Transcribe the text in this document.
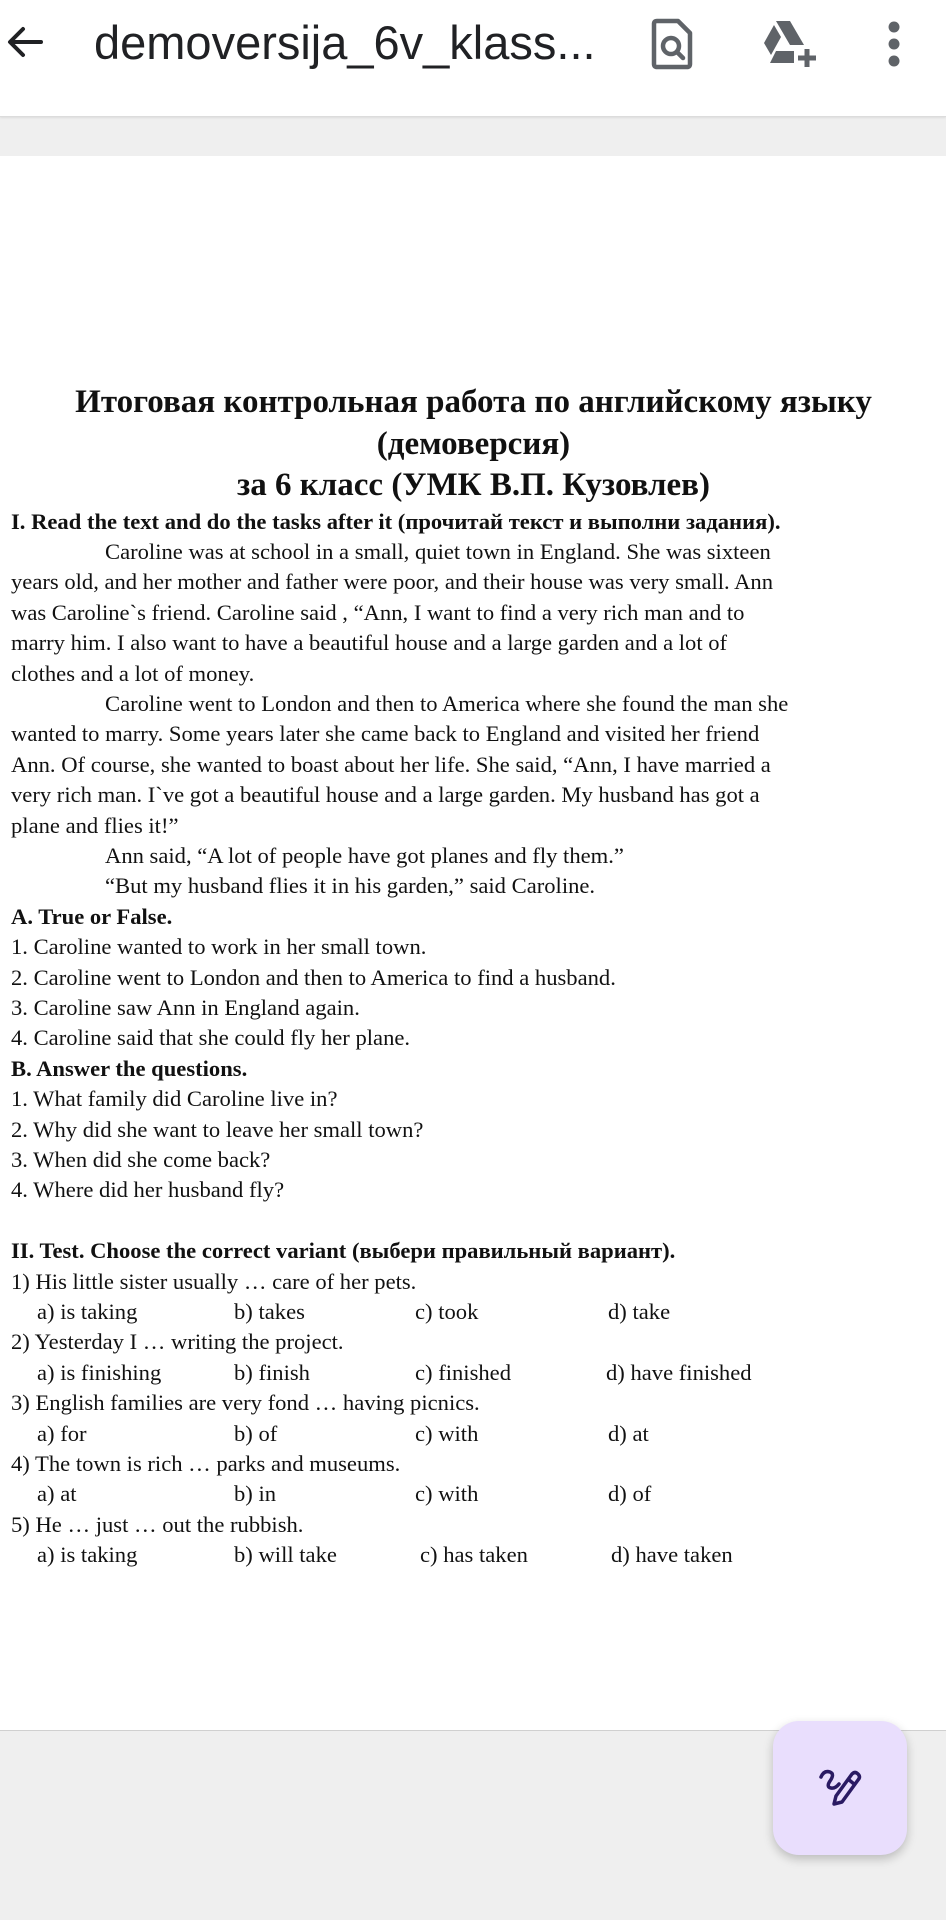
demoversija_6v_klass...

Итоговая контрольная работа по английскому языку

(демоверсия)

за 6 класс (УМК В.П. Кузовлев)

I. Read the text and do the tasks after it (прочитай текст и выполни задания).

Caroline was at school in a small, quiet town in England. She was sixteen

years old, and her mother and father were poor, and their house was very small. Ann

was Caroline`s friend. Caroline said , “Ann, I want to find a very rich man and to

marry him. I also want to have a beautiful house and a large garden and a lot of

clothes and a lot of money.

Caroline went to London and then to America where she found the man she

wanted to marry. Some years later she came back to England and visited her friend

Ann. Of course, she wanted to boast about her life. She said, “Ann, I have married a

very rich man. I`ve got a beautiful house and a large garden. My husband has got a

plane and flies it!”

Ann said, “A lot of people have got planes and fly them.”

“But my husband flies it in his garden,” said Caroline.

A. True or False.

1. Caroline wanted to work in her small town.

2. Caroline went to London and then to America to find a husband.

3. Caroline saw Ann in England again.

4. Caroline said that she could fly her plane.

B. Answer the questions.

1. What family did Caroline live in?

2. Why did she want to leave her small town?

3. When did she come back?

4. Where did her husband fly?

II. Test. Choose the correct variant (выбери правильный вариант).

1) His little sister usually … care of her pets.

a) is taking	b) takes	c) took	d) take

2) Yesterday I … writing the project.

a) is finishing	b) finish	c) finished	d) have finished

3) English families are very fond … having picnics.

a) for	b) of	c) with	d) at

4) The town is rich … parks and museums.

a) at	b) in	c) with	d) of

5) He … just … out the rubbish.

a) is taking	b) will take	c) has taken	d) have taken
